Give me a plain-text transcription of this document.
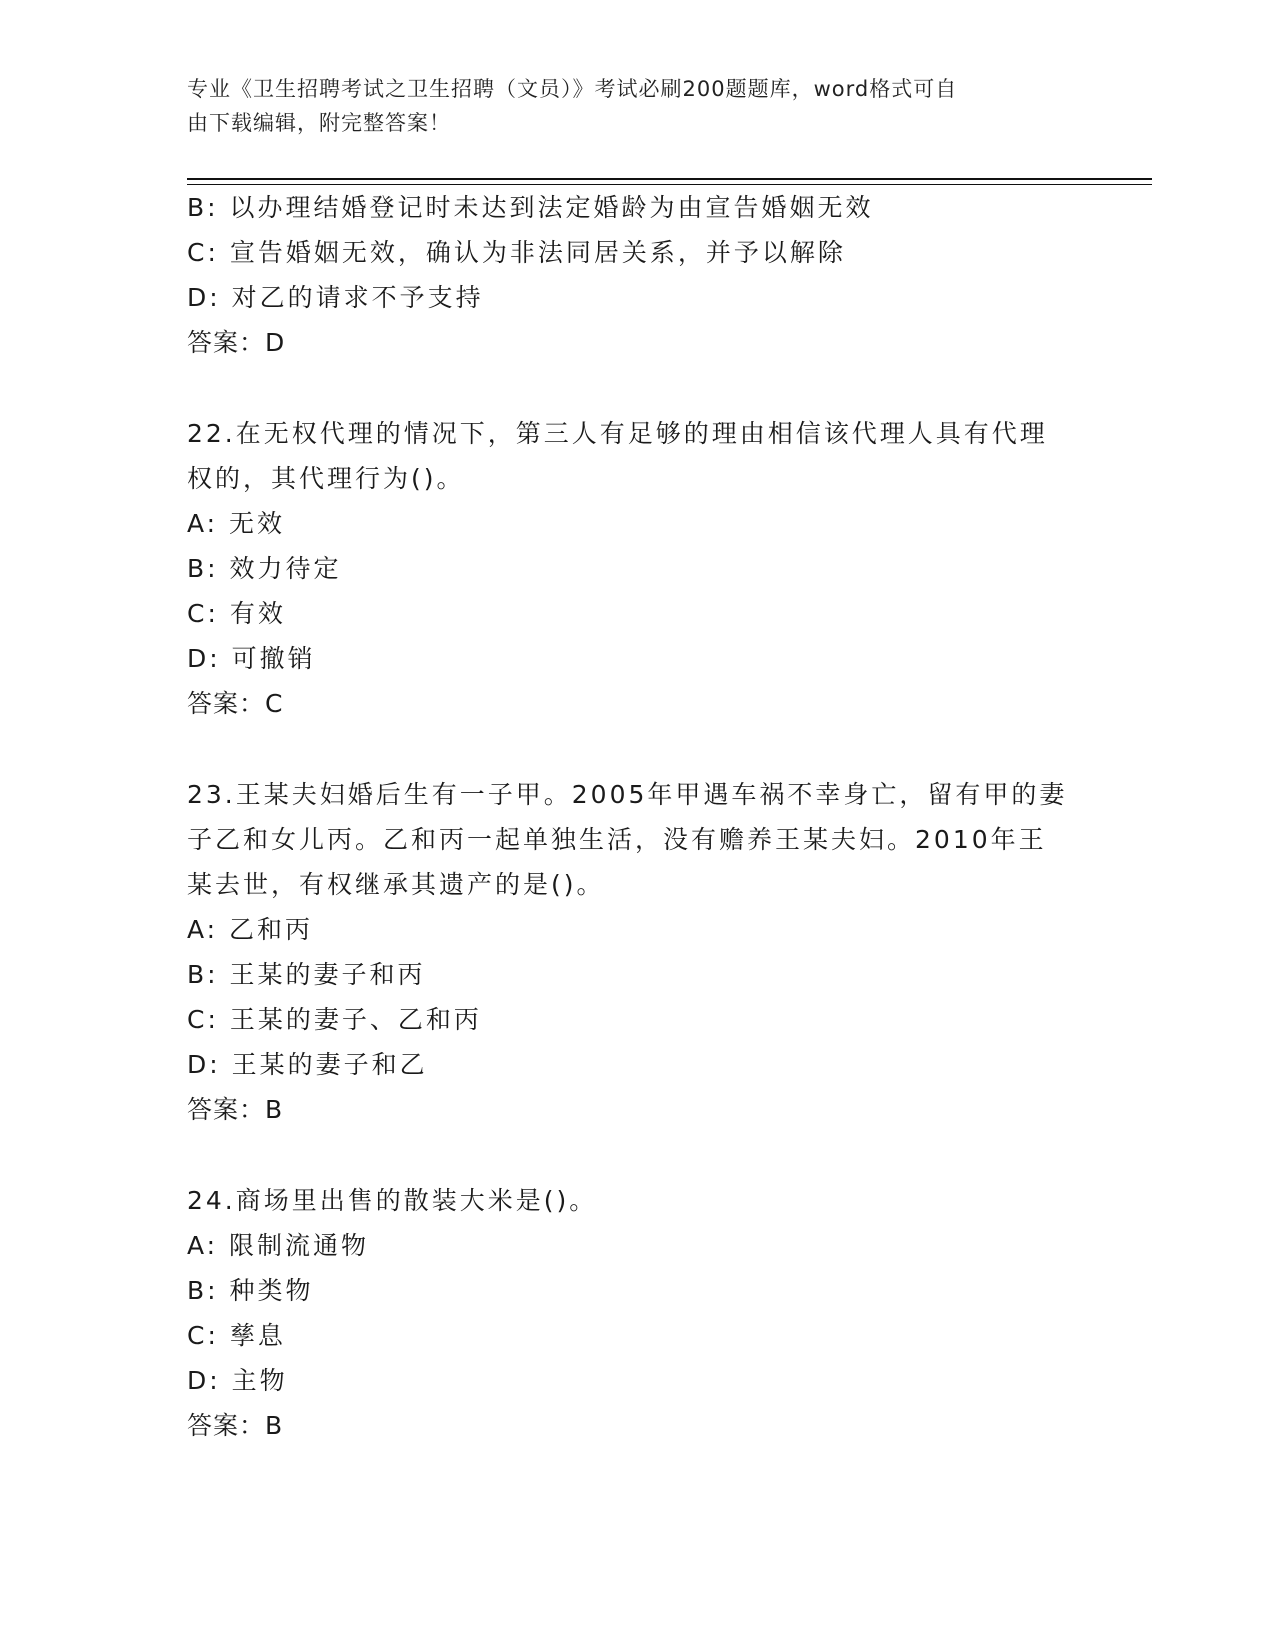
专业《卫生招聘考试之卫生招聘（文员）》考试必刷200题题库，word格式可自
由下载编辑，附完整答案！
B: 以办理结婚登记时未达到法定婚龄为由宣告婚姻无效
C: 宣告婚姻无效，确认为非法同居关系，并予以解除
D: 对乙的请求不予支持
答案：D
22.在无权代理的情况下，第三人有足够的理由相信该代理人具有代理
权的，其代理行为()。
A: 无效
B: 效力待定
C: 有效
D: 可撤销
答案：C
23.王某夫妇婚后生有一子甲。2005年甲遇车祸不幸身亡，留有甲的妻
子乙和女儿丙。乙和丙一起单独生活，没有赡养王某夫妇。2010年王
某去世，有权继承其遗产的是()。
A: 乙和丙
B: 王某的妻子和丙
C: 王某的妻子、乙和丙
D: 王某的妻子和乙
答案：B
24.商场里出售的散装大米是()。
A: 限制流通物
B: 种类物
C: 孳息
D: 主物
答案：B
